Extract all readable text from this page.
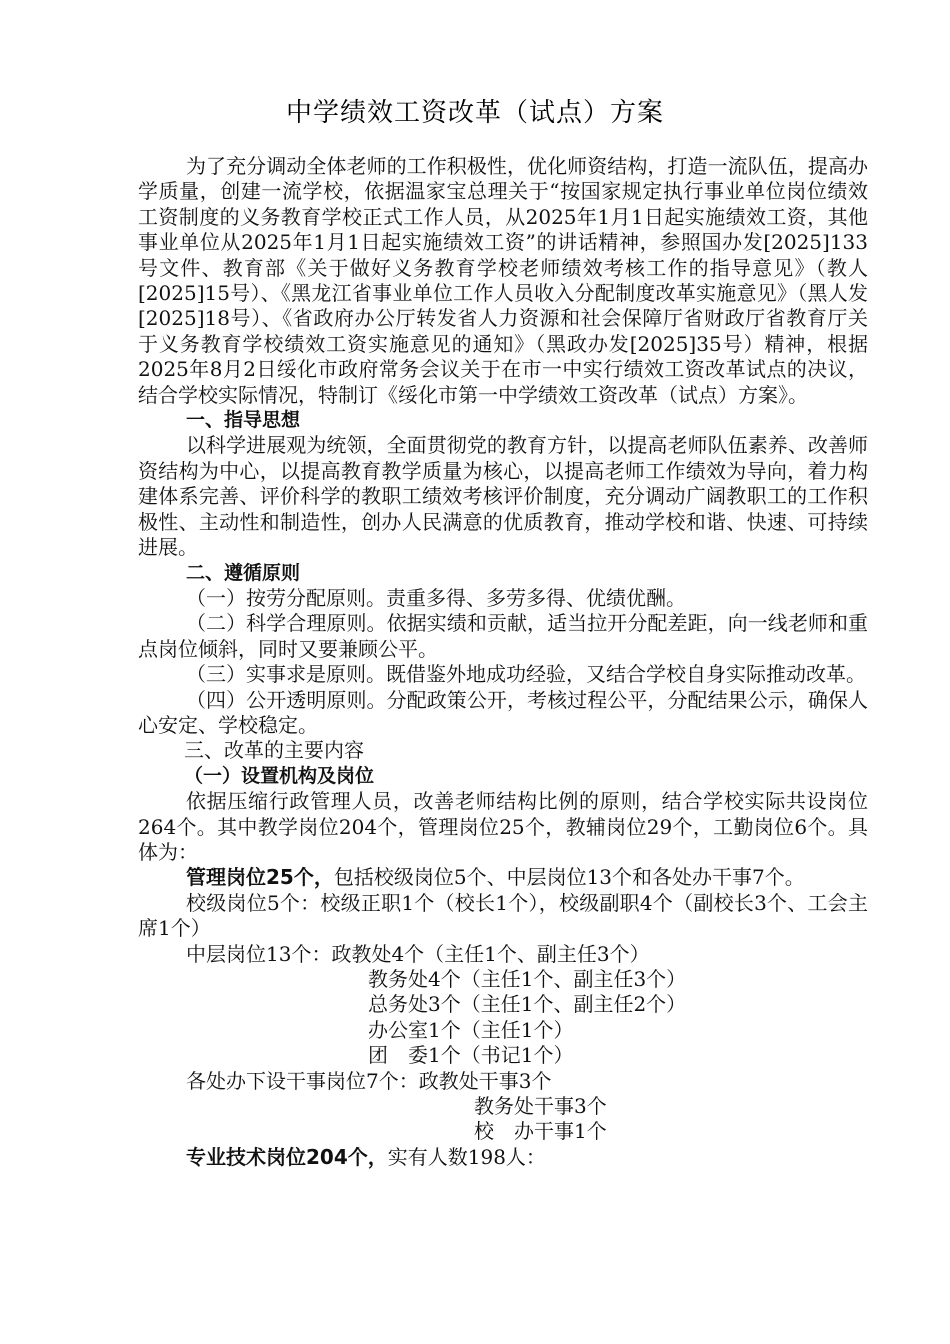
中学绩效工资改革（试点）方案

为了充分调动全体老师的工作积极性，优化师资结构，打造一流队伍，提高办学质量，创建一流学校，依据温家宝总理关于“按国家规定执行事业单位岗位绩效工资制度的义务教育学校正式工作人员，从2025年1月1日起实施绩效工资，其他事业单位从2025年1月1日起实施绩效工资”的讲话精神，参照国办发[2025]133号文件、教育部《关于做好义务教育学校老师绩效考核工作的指导意见》（教人[2025]15号）、《黑龙江省事业单位工作人员收入分配制度改革实施意见》（黑人发[2025]18号）、《省政府办公厅转发省人力资源和社会保障厅省财政厅省教育厅关于义务教育学校绩效工资实施意见的通知》（黑政办发[2025]35号）精神，根据2025年8月2日绥化市政府常务会议关于在市一中实行绩效工资改革试点的决议，结合学校实际情况，特制订《绥化市第一中学绩效工资改革（试点）方案》。

一、指导思想

以科学进展观为统领，全面贯彻党的教育方针，以提高老师队伍素养、改善师资结构为中心，以提高教育教学质量为核心，以提高老师工作绩效为导向，着力构建体系完善、评价科学的教职工绩效考核评价制度，充分调动广阔教职工的工作积极性、主动性和制造性，创办人民满意的优质教育，推动学校和谐、快速、可持续进展。

二、遵循原则

（一）按劳分配原则。责重多得、多劳多得、优绩优酬。

（二）科学合理原则。依据实绩和贡献，适当拉开分配差距，向一线老师和重点岗位倾斜，同时又要兼顾公平。

（三）实事求是原则。既借鉴外地成功经验，又结合学校自身实际推动改革。

（四）公开透明原则。分配政策公开，考核过程公平，分配结果公示，确保人心安定、学校稳定。

三、改革的主要内容

（一）设置机构及岗位

依据压缩行政管理人员，改善老师结构比例的原则，结合学校实际共设岗位264个。其中教学岗位204个，管理岗位25个，教辅岗位29个，工勤岗位6个。具体为：

管理岗位25个，包括校级岗位5个、中层岗位13个和各处办干事7个。

校级岗位5个：校级正职1个（校长1个），校级副职4个（副校长3个、工会主席1个）

中层岗位13个：政教处4个（主任1个、副主任3个）

教务处4个（主任1个、副主任3个）

总务处3个（主任1个、副主任2个）

办公室1个（主任1个）

团　委1个（书记1个）

各处办下设干事岗位7个：政教处干事3个

教务处干事3个

校　办干事1个

专业技术岗位204个，实有人数198人：
